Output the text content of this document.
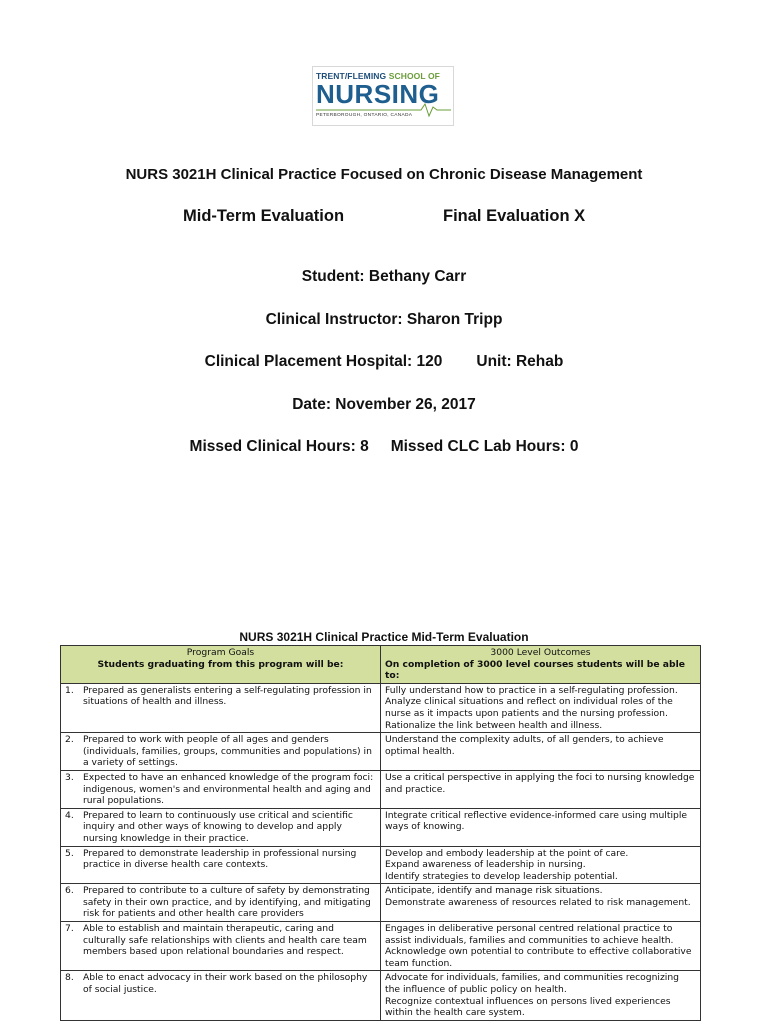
TRENT/FLEMING SCHOOL OF
NURSING
PETERBOROUGH, ONTARIO, CANADA
NURS 3021H Clinical Practice Focused on Chronic Disease Management
Mid-Term Evaluation	Final Evaluation X
Student: Bethany Carr
Clinical Instructor: Sharon Tripp
Clinical Placement Hospital: 120 Unit: Rehab
Date: November 26, 2017
Missed Clinical Hours: 8 Missed CLC Lab Hours: 0
NURS 3021H Clinical Practice Mid-Term Evaluation
Program Goals
Students graduating from this program will be:	3000 Level Outcomes
On completion of 3000 level courses students will be able to:

1. Prepared as generalists entering a self-regulating profession in situations of health and illness.	Fully understand how to practice in a self-regulating profession.
Analyze clinical situations and reflect on individual roles of the nurse as it impacts upon patients and the nursing profession.
Rationalize the link between health and illness.

2. Prepared to work with people of all ages and genders (individuals, families, groups, communities and populations) in a variety of settings.	Understand the complexity adults, of all genders, to achieve optimal health.

3. Expected to have an enhanced knowledge of the program foci: indigenous, women's and environmental health and aging and rural populations.	Use a critical perspective in applying the foci to nursing knowledge and practice.

4. Prepared to learn to continuously use critical and scientific inquiry and other ways of knowing to develop and apply nursing knowledge in their practice.	Integrate critical reflective evidence-informed care using multiple ways of knowing.

5. Prepared to demonstrate leadership in professional nursing practice in diverse health care contexts.	Develop and embody leadership at the point of care.
Expand awareness of leadership in nursing.
Identify strategies to develop leadership potential.

6. Prepared to contribute to a culture of safety by demonstrating safety in their own practice, and by identifying, and mitigating risk for patients and other health care providers	Anticipate, identify and manage risk situations.
Demonstrate awareness of resources related to risk management.

7. Able to establish and maintain therapeutic, caring and culturally safe relationships with clients and health care team members based upon relational boundaries and respect.	Engages in deliberative personal centred relational practice to assist individuals, families and communities to achieve health.
Acknowledge own potential to contribute to effective collaborative team function.

8. Able to enact advocacy in their work based on the philosophy of social justice.	Advocate for individuals, families, and communities recognizing the influence of public policy on health.
Recognize contextual influences on persons lived experiences within the health care system.
